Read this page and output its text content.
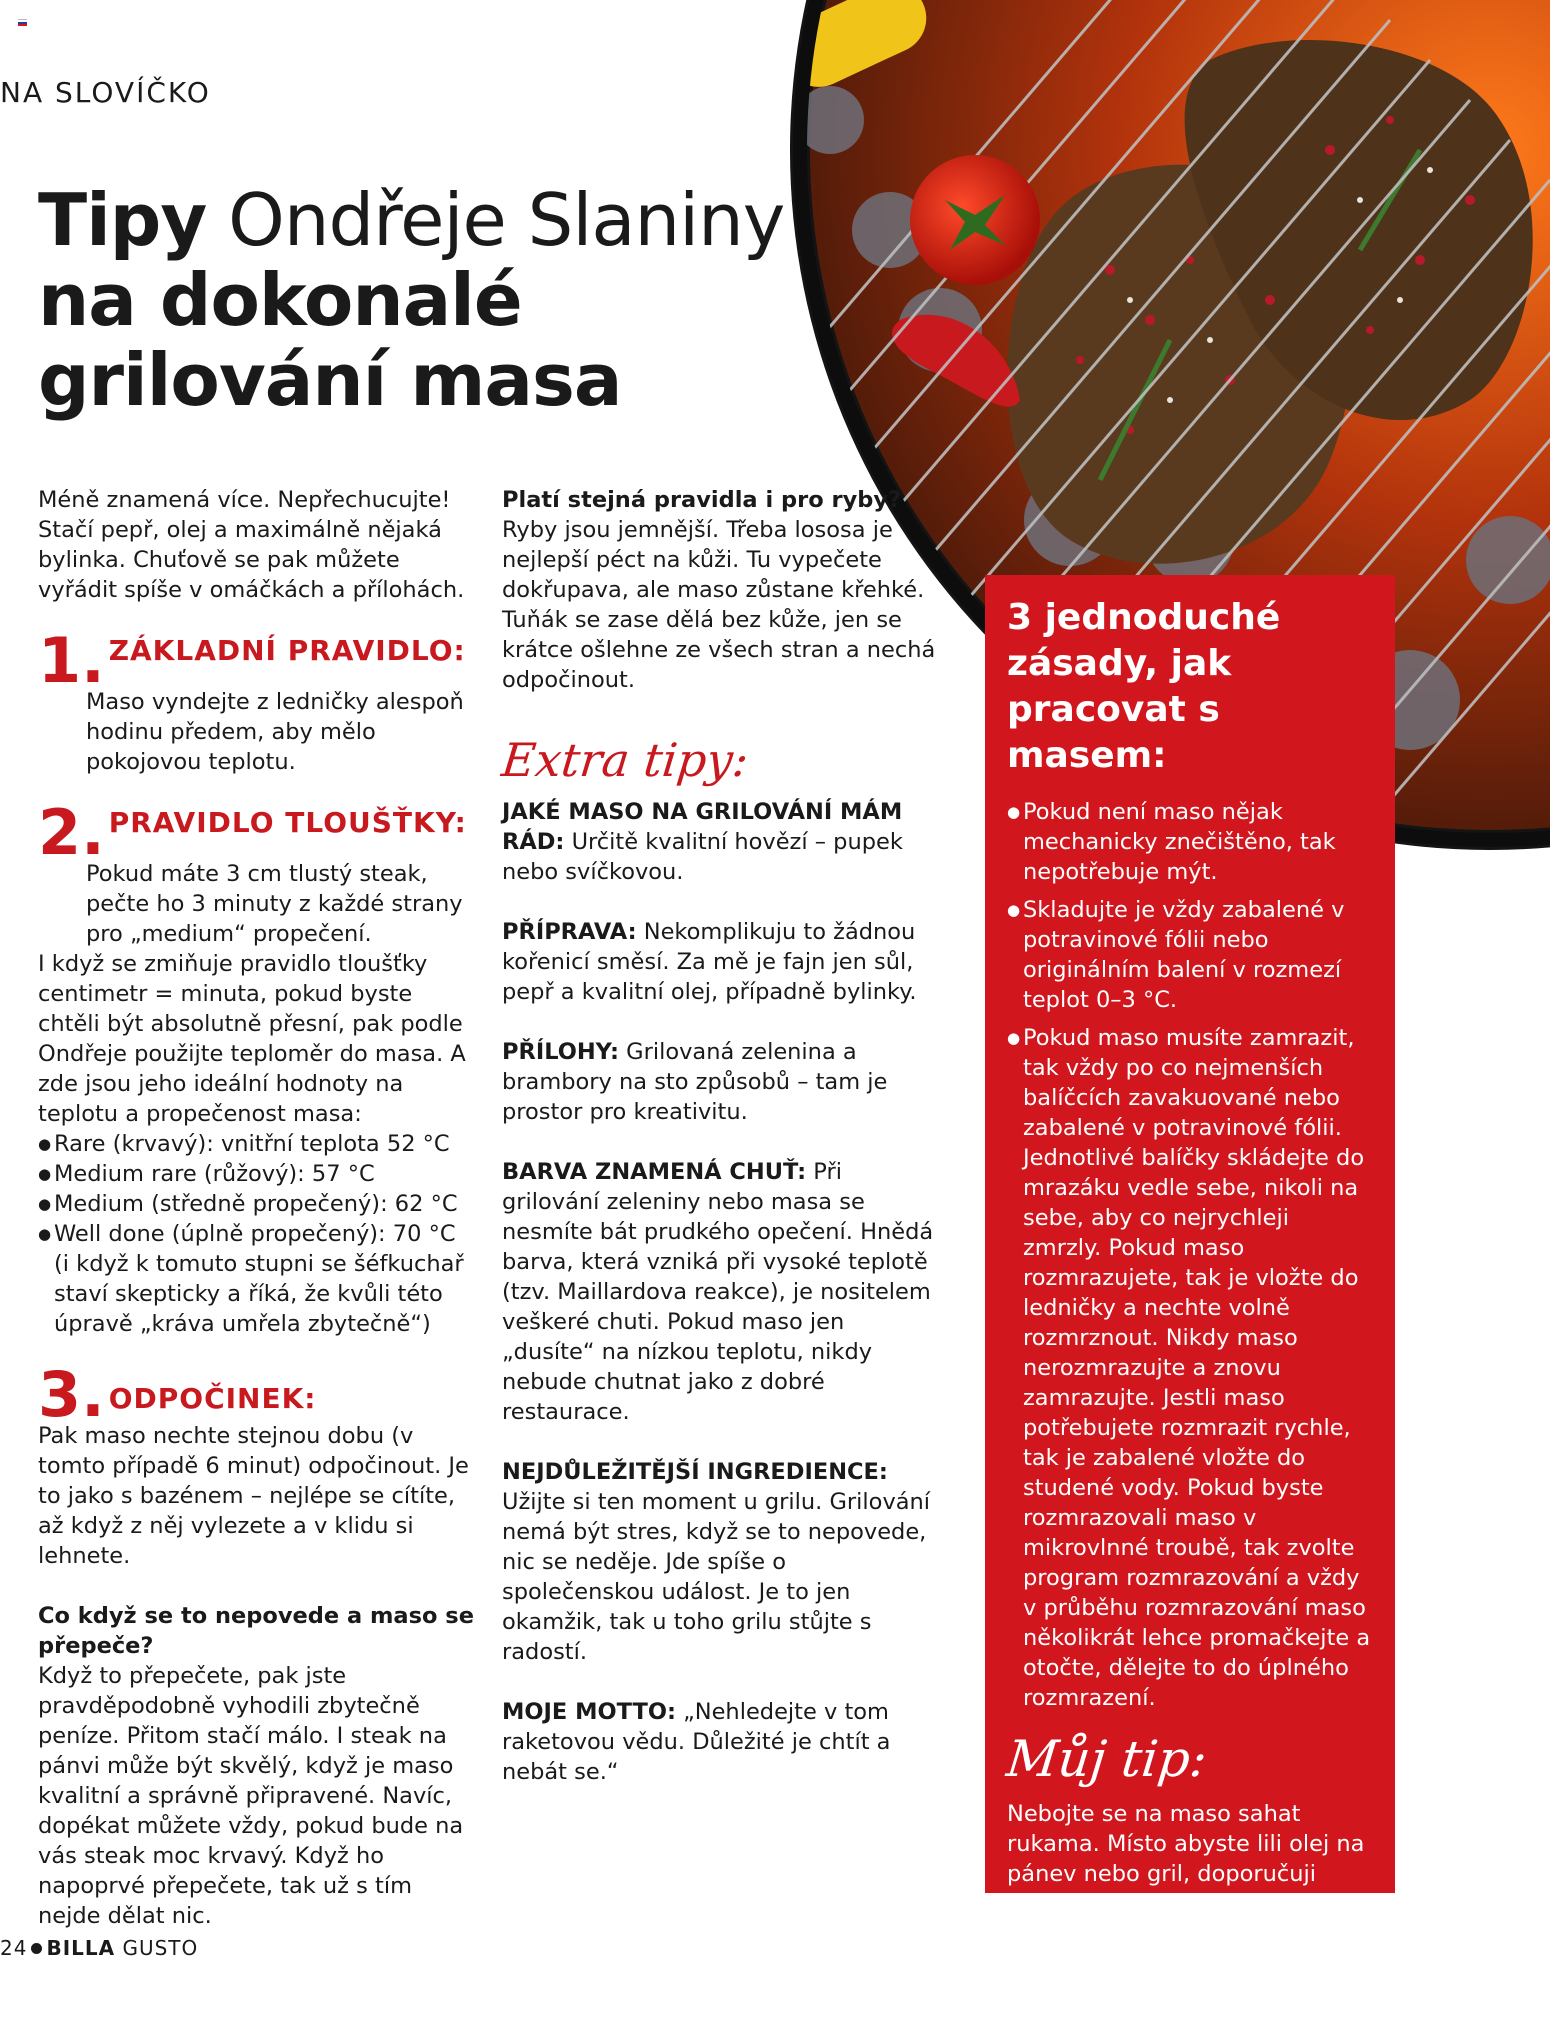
NA SLOVÍČKO
Tipy Ondřeje Slaniny
na dokonalé
grilování masa

Méně znamená více. Nepřechucujte! Stačí pepř, olej a maximálně nějaká bylinka. Chuťově se pak můžete vyřádit spíše v omáčkách a přílohách.

1. ZÁKLADNÍ PRAVIDLO:

Maso vyndejte z ledničky alespoň hodinu předem, aby mělo pokojovou teplotu.

2. PRAVIDLO TLOUŠŤKY:

Pokud máte 3 cm tlustý steak, pečte ho 3 minuty z každé strany pro „medium“ propečení.

I když se zmiňuje pravidlo tloušťky centimetr = minuta, pokud byste chtěli být absolutně přesní, pak podle Ondřeje použijte teploměr do masa. A zde jsou jeho ideální hodnoty na teplotu a propečenost masa:

● Rare (krvavý): vnitřní teplota 52 °C
● Medium rare (růžový): 57 °C
● Medium (středně propečený): 62 °C
● Well done (úplně propečený): 70 °C

(i když k tomuto stupni se šéfkuchař staví skepticky a říká, že kvůli této úpravě „kráva umřela zbytečně“)

3. ODPOČINEK:

Pak maso nechte stejnou dobu (v tomto případě 6 minut) odpočinout. Je to jako s bazénem – nejlépe se cítíte, až když z něj vylezete a v klidu si lehnete.

Co když se to nepovede a maso se přepeče?

Když to přepečete, pak jste pravděpodobně vyhodili zbytečně peníze. Přitom stačí málo. I steak na pánvi může být skvělý, když je maso kvalitní a správně připravené. Navíc, dopékat můžete vždy, pokud bude na vás steak moc krvavý. Když ho napoprvé přepečete, tak už s tím nejde dělat nic.

Platí stejná pravidla i pro ryby?

Ryby jsou jemnější. Třeba lososa je nejlepší péct na kůži. Tu vypečete dokřupava, ale maso zůstane křehké. Tuňák se zase dělá bez kůže, jen se krátce ošlehne ze všech stran a nechá odpočinout.

Extra tipy:

JAKÉ MASO NA GRILOVÁNÍ MÁM RÁD: Určitě kvalitní hovězí – pupek nebo svíčkovou.

PŘÍPRAVA: Nekomplikuju to žádnou kořenicí směsí. Za mě je fajn jen sůl, pepř a kvalitní olej, případně bylinky.

PŘÍLOHY: Grilovaná zelenina a brambory na sto způsobů – tam je prostor pro kreativitu.

BARVA ZNAMENÁ CHUŤ: Při grilování zeleniny nebo masa se nesmíte bát prudkého opečení. Hnědá barva, která vzniká při vysoké teplotě (tzv. Maillardova reakce), je nositelem veškeré chuti. Pokud maso jen „dusíte“ na nízkou teplotu, nikdy nebude chutnat jako z dobré restaurace.

NEJDŮLEŽITĚJŠÍ INGREDIENCE: Užijte si ten moment u grilu. Grilování nemá být stres, když se to nepovede, nic se neděje. Jde spíše o společenskou událost. Je to jen okamžik, tak u toho grilu stůjte s radostí.

MOJE MOTTO: „Nehledejte v tom raketovou vědu. Důležité je chtít a nebát se.“

3 jednoduché zásady, jak pracovat s masem:
● Pokud není maso nějak mechanicky znečištěno, tak nepotřebuje mýt.
● Skladujte je vždy zabalené v potravinové fólii nebo originálním balení v rozmezí teplot 0–3 °C.
● Pokud maso musíte zamrazit, tak vždy po co nejmenších balíčcích zavakuované nebo zabalené v potravinové fólii. Jednotlivé balíčky skládejte do mrazáku vedle sebe, nikoli na sebe, aby co nejrychleji zmrzly. Pokud maso rozmrazujete, tak je vložte do ledničky a nechte volně rozmrznout. Nikdy maso nerozmrazujte a znovu zamrazujte. Jestli maso potřebujete rozmrazit rychle, tak je zabalené vložte do studené vody. Pokud byste rozmrazovali maso v mikrovlnné troubě, tak zvolte program rozmrazování a vždy v průběhu rozmrazování maso několikrát lehce promačkejte a otočte, dělejte to do úplného rozmrazení.
Můj tip:

Nebojte se na maso sahat rukama. Místo abyste lili olej na pánev nebo gril, doporučuji kápnout trochu oleje přímo na steak a rukama ho do něj jemně vmasírovat. Tím zajistíte, že se maso nepřichytí a olej nebude prskat.

24 BILLA GUSTO
